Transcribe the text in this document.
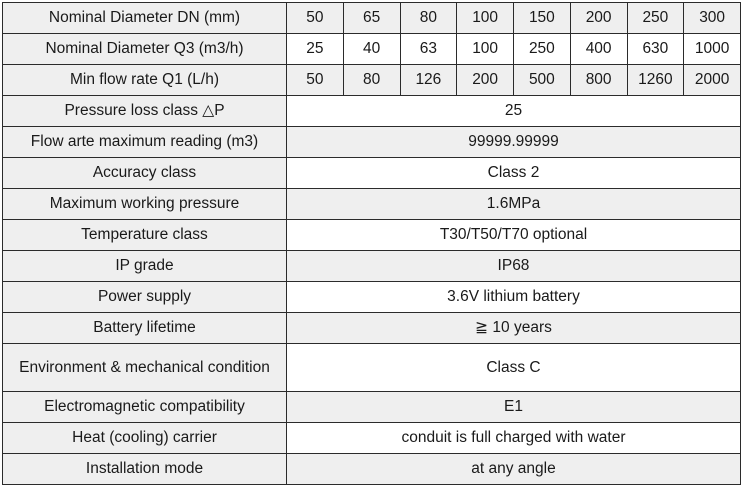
Nominal Diameter DN (mm)	50	65	80	100	150	200	250	300
Nominal Diameter Q3 (m3/h)	25	40	63	100	250	400	630	1000
Min flow rate Q1 (L/h)	50	80	126	200	500	800	1260	2000
Pressure loss class △P	25							
Flow arte maximum reading (m3)	99999.99999							
Accuracy class	Class 2							
Maximum working pressure	1.6MPa							
Temperature class	T30/T50/T70 optional							
IP grade	IP68							
Power supply	3.6V lithium battery							
Battery lifetime	≧ 10 years							
Environment & mechanical condition	Class C							
Electromagnetic compatibility	E1							
Heat (cooling) carrier	conduit is full charged with water							
Installation mode	at any angle							
